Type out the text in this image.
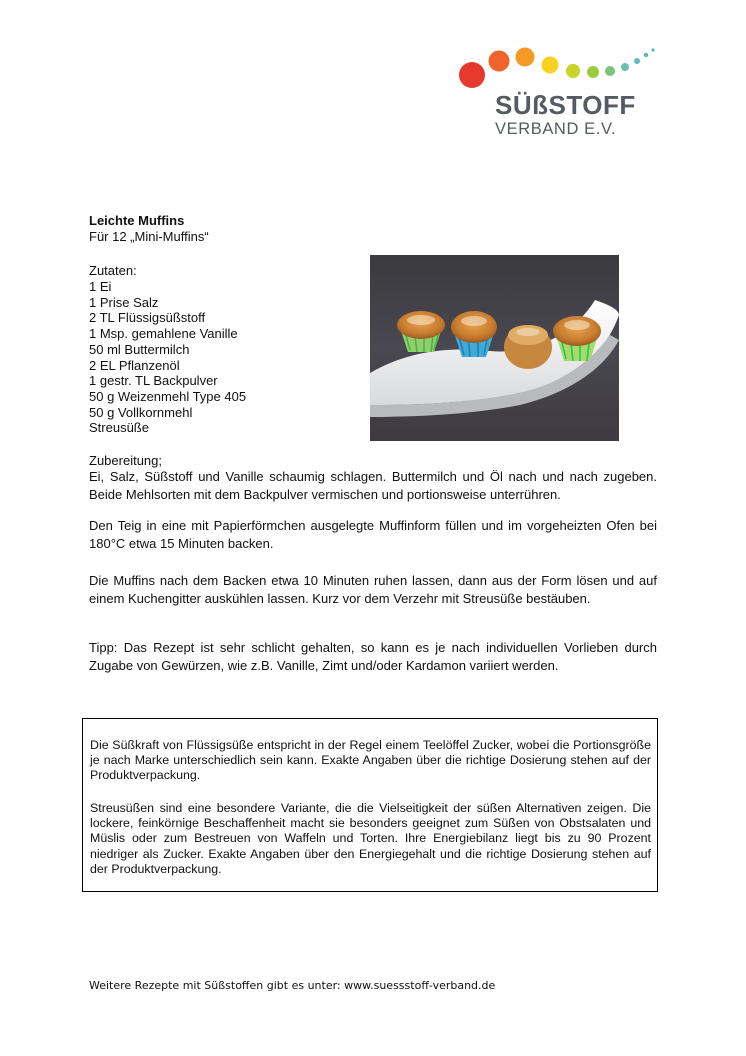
SÜßSTOFF
VERBAND E.V.
Leichte Muffins
Für 12 „Mini-Muffins“
Zutaten:
1 Ei
1 Prise Salz
2 TL Flüssigsüßstoff
1 Msp. gemahlene Vanille
50 ml Buttermilch
2 EL Pflanzenöl
1 gestr. TL Backpulver
50 g Weizenmehl Type 405
50 g Vollkornmehl
Streusüße
Zubereitung;

Ei, Salz, Süßstoff und Vanille schaumig schlagen. Buttermilch und Öl nach und nach zugeben. Beide Mehlsorten mit dem Backpulver vermischen und portionsweise unterrühren.

Den Teig in eine mit Papierförmchen ausgelegte Muffinform füllen und im vorgeheizten Ofen bei 180°C etwa 15 Minuten backen.

Die Muffins nach dem Backen etwa 10 Minuten ruhen lassen, dann aus der Form lösen und auf einem Kuchengitter auskühlen lassen. Kurz vor dem Verzehr mit Streusüße bestäuben.

Tipp: Das Rezept ist sehr schlicht gehalten, so kann es je nach individuellen Vorlieben durch Zugabe von Gewürzen, wie z.B. Vanille, Zimt und/oder Kardamon variiert werden.

Die Süßkraft von Flüssigsüße entspricht in der Regel einem Teelöffel Zucker, wobei die Portionsgröße je nach Marke unterschiedlich sein kann. Exakte Angaben über die richtige Dosierung stehen auf der Produktverpackung.

Streusüßen sind eine besondere Variante, die die Vielseitigkeit der süßen Alternativen zeigen. Die lockere, feinkörnige Beschaffenheit macht sie besonders geeignet zum Süßen von Obstsalaten und Müslis oder zum Bestreuen von Waffeln und Torten. Ihre Energiebilanz liegt bis zu 90 Prozent niedriger als Zucker. Exakte Angaben über den Energiegehalt und die richtige Dosierung stehen auf der Produktverpackung.

Weitere Rezepte mit Süßstoffen gibt es unter: www.suessstoff-verband.de
